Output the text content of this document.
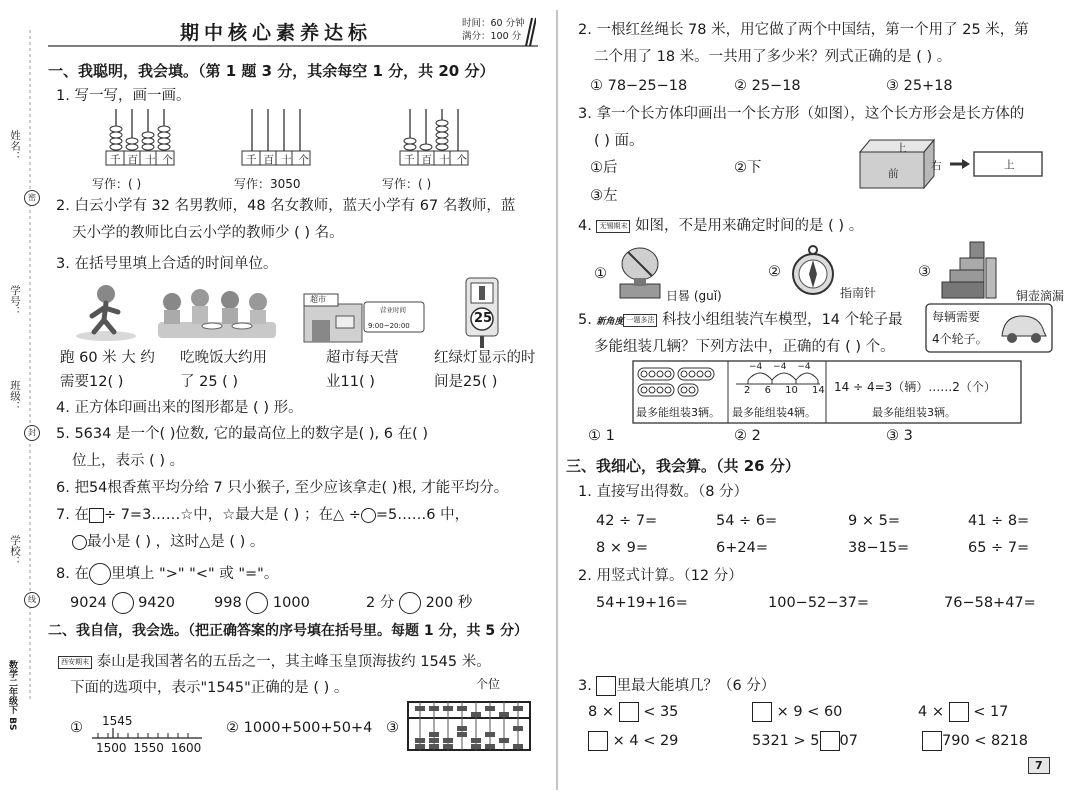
姓名：
密
学号：
班级：
封
学校：
线
数学二年级下 BS
期中核心素养达标	时间：60 分钟
满分：100 分
一、我聪明，我会填。（第 1 题 3 分，其余每空 1 分，共 20 分）
1. 写一写，画一画。
千百十个	千百十个	千百十个
写作：( )	写作：3050	写作：( )
2. 白云小学有 32 名男教师，48 名女教师，蓝天小学有 67 名教师，蓝
天小学的教师比白云小学的教师少 ( ) 名。
3. 在括号里填上合适的时间单位。
超市
营业时间
9:00~20:00	25
跑 60 米 大 约
需要12( )
吃晚饭大约用
了 25 ( )
超市每天营
业11( )
红绿灯显示的时
间是25( )
4. 正方体印画出来的图形都是 ( ) 形。
5. 5634 是一个( )位数, 它的最高位上的数字是( ), 6 在( )
位上，表示 ( ) 。
6. 把54根香蕉平均分给 7 只小猴子, 至少应该拿走( )根, 才能平均分。
7. 在 ÷ 7=3……☆中，☆最大是 ( ) ；在△ ÷ =5……6 中，
最小是 ( ) ，这时△是 ( ) 。
8. 在 里填上 ">" "<" 或 "="。
9024 9420	998 1000	2 分 200 秒
二、我自信，我会选。（把正确答案的序号填在括号里。每题 1 分，共 5 分）
西安期末 泰山是我国著名的五岳之一，其主峰玉皇顶海拔约 1545 米。
下面的选项中，表示"1545"正确的是 ( ) 。	个位
① 1545
1500 1550 1600
② 1000+500+50+4 ③
2. 一根红丝绳长 78 米，用它做了两个中国结，第一个用了 25 米，第
二个用了 18 米。一共用了多少米？列式正确的是 ( ) 。
① 78−25−18	② 25−18	③ 25+18
3. 拿一个长方体印画出一个长方形（如图），这个长方形会是长方体的
( ) 面。
①后	②下
③左
上
前
右	上
4. 无锡期末 如图，不是用来确定时间的是 ( ) 。
①
日晷 (guǐ)
②
指南针
③
铜壶滴漏
5. 新角度 一题多法 科技小组组装汽车模型，14 个轮子最
多能组装几辆？下列方法中，正确的有 ( ) 个。
每辆需要
4个轮子。
−4 −4 −4
2 6 10 14 14 ÷ 4=3（辆）……2（个）
最多能组装3辆。 最多能组装4辆。	最多能组装3辆。
① 1	② 2	③ 3
三、我细心，我会算。（共 26 分）
1. 直接写出得数。（8 分）
42 ÷ 7=	54 ÷ 6=	9 × 5=	41 ÷ 8=
8 × 9=	6+24=	38−15=	65 ÷ 7=
2. 用竖式计算。（12 分）
54+19+16=	100−52−37=	76−58+47=
3. 里最大能填几？（6 分）
8 × < 35	× 9 < 60	4 × < 17
× 4 < 29	5321 > 5 07	790 < 8218
7
